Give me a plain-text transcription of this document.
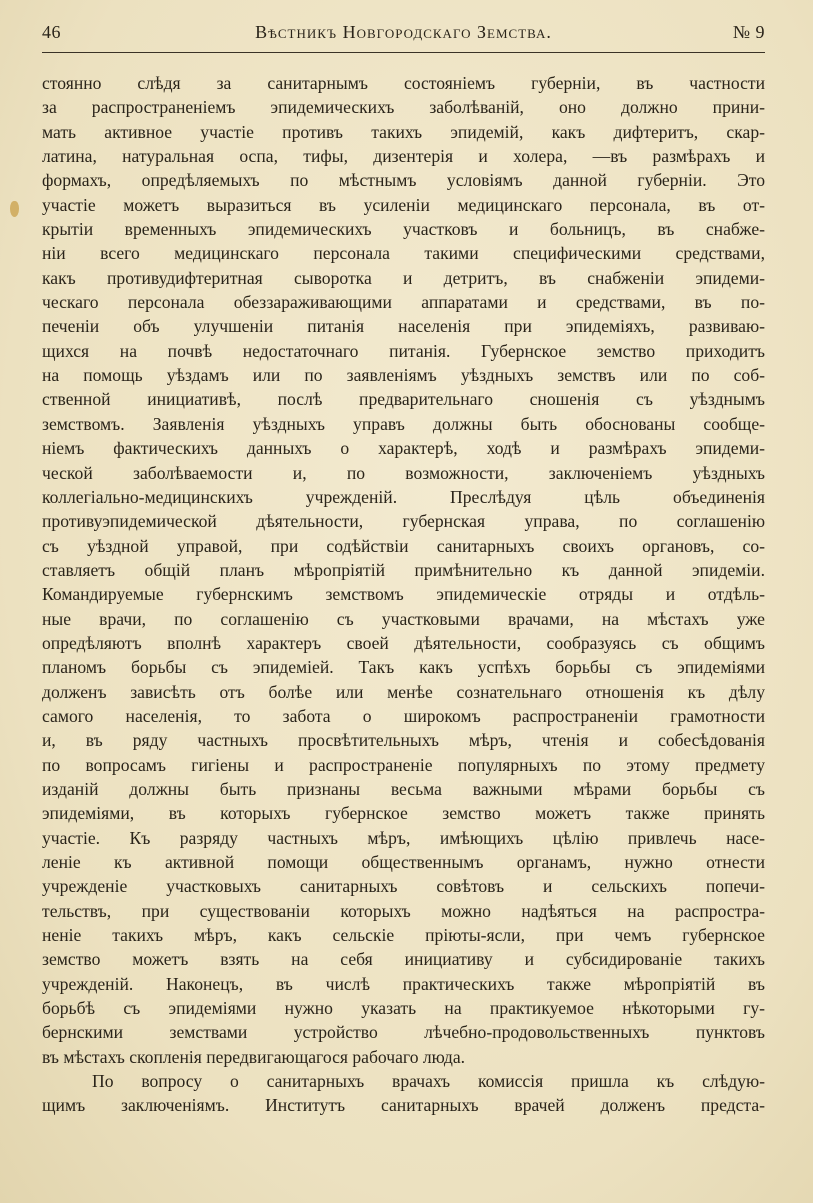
46	Вѣстникъ Новгородскаго Земства.	№ 9
стоянно слѣдя за санитарнымъ состояніемъ губерніи, въ частности
за распространеніемъ эпидемическихъ заболѣваній, оно должно прини-
мать активное участіе противъ такихъ эпидемій, какъ дифтеритъ, скар-
латина, натуральная оспа, тифы, дизентерія и холера, —въ размѣрахъ и
формахъ, опредѣляемыхъ по мѣстнымъ условіямъ данной губерніи. Это
участіе можетъ выразиться въ усиленіи медицинскаго персонала, въ от-
крытіи временныхъ эпидемическихъ участковъ и больницъ, въ снабже-
ніи всего медицинскаго персонала такими специфическими средствами,
какъ противудифтеритная сыворотка и детритъ, въ снабженіи эпидеми-
ческаго персонала обеззараживающими аппаратами и средствами, въ по-
печеніи объ улучшеніи питанія населенія при эпидеміяхъ, развиваю-
щихся на почвѣ недостаточнаго питанія. Губернское земство приходитъ
на помощь уѣздамъ или по заявленіямъ уѣздныхъ земствъ или по соб-
ственной инициативѣ, послѣ предварительнаго сношенія съ уѣзднымъ
земствомъ. Заявленія уѣздныхъ управъ должны быть обоснованы сообще-
ніемъ фактическихъ данныхъ о характерѣ, ходѣ и размѣрахъ эпидеми-
ческой заболѣваемости и, по возможности, заключеніемъ уѣздныхъ
коллегіально-медицинскихъ учрежденій. Преслѣдуя цѣль объединенія
противуэпидемической дѣятельности, губернская управа, по соглашенію
съ уѣздной управой, при содѣйствіи санитарныхъ своихъ органовъ, со-
ставляетъ общій планъ мѣропріятій примѣнительно къ данной эпидеміи.
Командируемые губернскимъ земствомъ эпидемическіе отряды и отдѣль-
ные врачи, по соглашенію съ участковыми врачами, на мѣстахъ уже
опредѣляютъ вполнѣ характеръ своей дѣятельности, сообразуясь съ общимъ
планомъ борьбы съ эпидеміей. Такъ какъ успѣхъ борьбы съ эпидеміями
долженъ зависѣть отъ болѣе или менѣе сознательнаго отношенія къ дѣлу
самого населенія, то забота о широкомъ распространеніи грамотности
и, въ ряду частныхъ просвѣтительныхъ мѣръ, чтенія и собесѣдованія
по вопросамъ гигіены и распространеніе популярныхъ по этому предмету
изданій должны быть признаны весьма важными мѣрами борьбы съ
эпидеміями, въ которыхъ губернское земство можетъ также принять
участіе. Къ разряду частныхъ мѣръ, имѣющихъ цѣлію привлечь насе-
леніе къ активной помощи общественнымъ органамъ, нужно отнести
учрежденіе участковыхъ санитарныхъ совѣтовъ и сельскихъ попечи-
тельствъ, при существованіи которыхъ можно надѣяться на распростра-
неніе такихъ мѣръ, какъ сельскіе пріюты-ясли, при чемъ губернское
земство можетъ взять на себя инициативу и субсидированіе такихъ
учрежденій. Наконецъ, въ числѣ практическихъ также мѣропріятій въ
борьбѣ съ эпидеміями нужно указать на практикуемое нѣкоторыми гу-
бернскими земствами устройство лѣчебно-продовольственныхъ пунктовъ
въ мѣстахъ скопленія передвигающагося рабочаго люда.
По вопросу о санитарныхъ врачахъ комиссія пришла къ слѣдую-
щимъ заключеніямъ. Институтъ санитарныхъ врачей долженъ предста-
